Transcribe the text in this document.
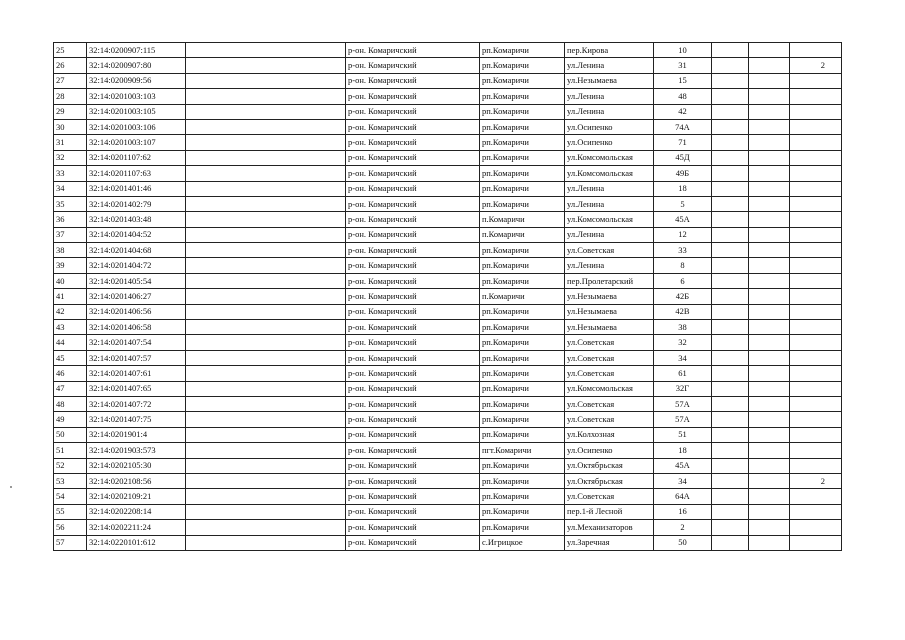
25	32:14:0200907:115		р-он. Комаричский	рп.Комаричи	пер.Кирова	10			
26	32:14:0200907:80		р-он. Комаричский	рп.Комаричи	ул.Ленина	31			2
27	32:14:0200909:56		р-он. Комаричский	рп.Комаричи	ул.Незымаева	15			
28	32:14:0201003:103		р-он. Комаричский	рп.Комаричи	ул.Ленина	48			
29	32:14:0201003:105		р-он. Комаричский	рп.Комаричи	ул.Ленина	42			
30	32:14:0201003:106		р-он. Комаричский	рп.Комаричи	ул.Осипенко	74А			
31	32:14:0201003:107		р-он. Комаричский	рп.Комаричи	ул.Осипенко	71			
32	32:14:0201107:62		р-он. Комаричский	рп.Комаричи	ул.Комсомольская	45Д			
33	32:14:0201107:63		р-он. Комаричский	рп.Комаричи	ул.Комсомольская	49Б			
34	32:14:0201401:46		р-он. Комаричский	рп.Комаричи	ул.Ленина	18			
35	32:14:0201402:79		р-он. Комаричский	рп.Комаричи	ул.Ленина	5			
36	32:14:0201403:48		р-он. Комаричский	п.Комаричи	ул.Комсомольская	45А			
37	32:14:0201404:52		р-он. Комаричский	п.Комаричи	ул.Ленина	12			
38	32:14:0201404:68		р-он. Комаричский	рп.Комаричи	ул.Советская	33			
39	32:14:0201404:72		р-он. Комаричский	рп.Комаричи	ул.Ленина	8			
40	32:14:0201405:54		р-он. Комаричский	рп.Комаричи	пер.Пролетарский	6			
41	32:14:0201406:27		р-он. Комаричский	п.Комаричи	ул.Незымаева	42Б			
42	32:14:0201406:56		р-он. Комаричский	рп.Комаричи	ул.Незымаева	42В			
43	32:14:0201406:58		р-он. Комаричский	рп.Комаричи	ул.Незымаева	38			
44	32:14:0201407:54		р-он. Комаричский	рп.Комаричи	ул.Советская	32			
45	32:14:0201407:57		р-он. Комаричский	рп.Комаричи	ул.Советская	34			
46	32:14:0201407:61		р-он. Комаричский	рп.Комаричи	ул.Советская	61			
47	32:14:0201407:65		р-он. Комаричский	рп.Комаричи	ул.Комсомольская	32Г			
48	32:14:0201407:72		р-он. Комаричский	рп.Комаричи	ул.Советская	57А			
49	32:14:0201407:75		р-он. Комаричский	рп.Комаричи	ул.Советская	57А			
50	32:14:0201901:4		р-он. Комаричский	рп.Комаричи	ул.Колхозная	51			
51	32:14:0201903:573		р-он. Комаричский	пгт.Комаричи	ул.Осипенко	18			
52	32:14:0202105:30		р-он. Комаричский	рп.Комаричи	ул.Октябрьская	45А			
53	32:14:0202108:56		р-он. Комаричский	рп.Комаричи	ул.Октябрьская	34			2
54	32:14:0202109:21		р-он. Комаричский	рп.Комаричи	ул.Советская	64А			
55	32:14:0202208:14		р-он. Комаричский	рп.Комаричи	пер.1-й Лесной	16			
56	32:14:0202211:24		р-он. Комаричский	рп.Комаричи	ул.Механизаторов	2			
57	32:14:0220101:612		р-он. Комаричский	с.Игрицкое	ул.Заречная	50			
